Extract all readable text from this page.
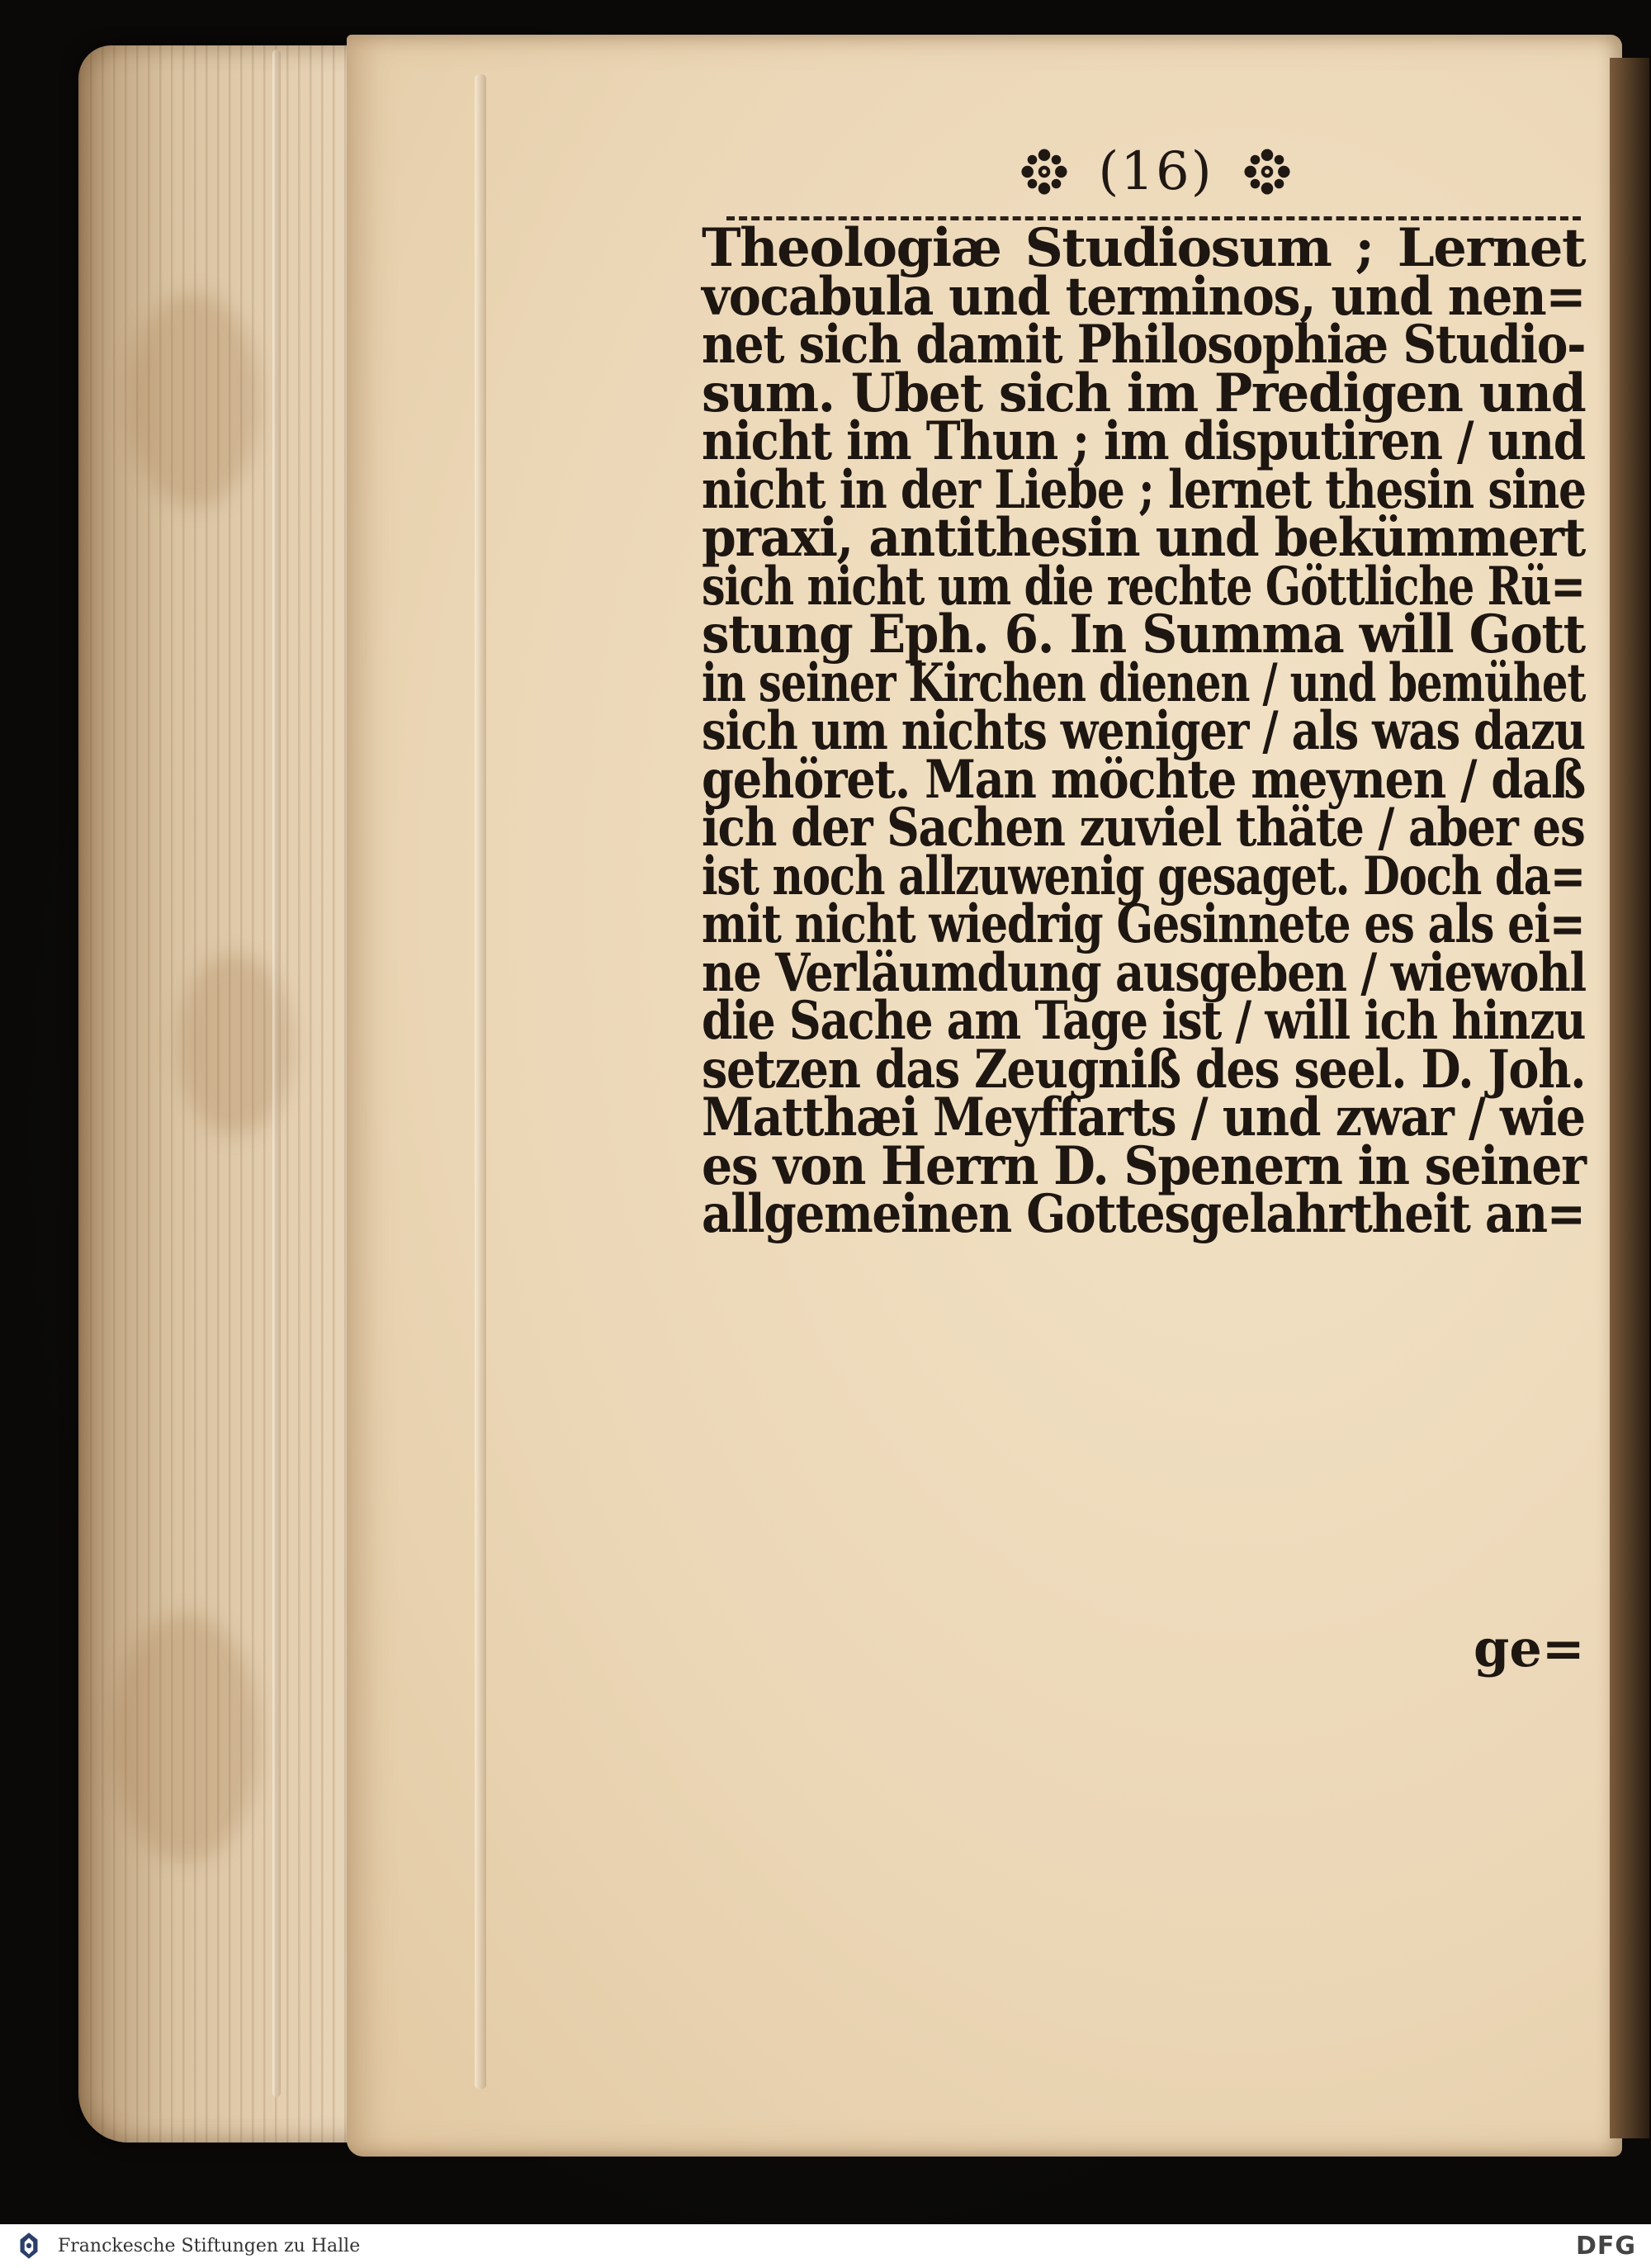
(16)
Theologiæ Studiosum ; Lernet
vocabula und terminos, und nen=
net sich damit Philosophiæ Studio-
sum. Ubet sich im Predigen und
nicht im Thun ; im disputiren / und
nicht in der Liebe ; lernet thesin sine
praxi, antithesin und bekümmert
sich nicht um die rechte Göttliche Rü=
stung Eph. 6. In Summa will Gott
in seiner Kirchen dienen / und bemühet
sich um nichts weniger / als was dazu
gehöret. Man möchte meynen / daß
ich der Sachen zuviel thäte / aber es
ist noch allzuwenig gesaget. Doch da=
mit nicht wiedrig Gesinnete es als ei=
ne Verläumdung ausgeben / wiewohl
die Sache am Tage ist / will ich hinzu
setzen das Zeugniß des seel. D. Joh.
Matthæi Meyffarts / und zwar / wie
es von Herrn D. Spenern in seiner
allgemeinen Gottesgelahrtheit an=
ge=
Franckesche Stiftungen zu Halle	DFG
